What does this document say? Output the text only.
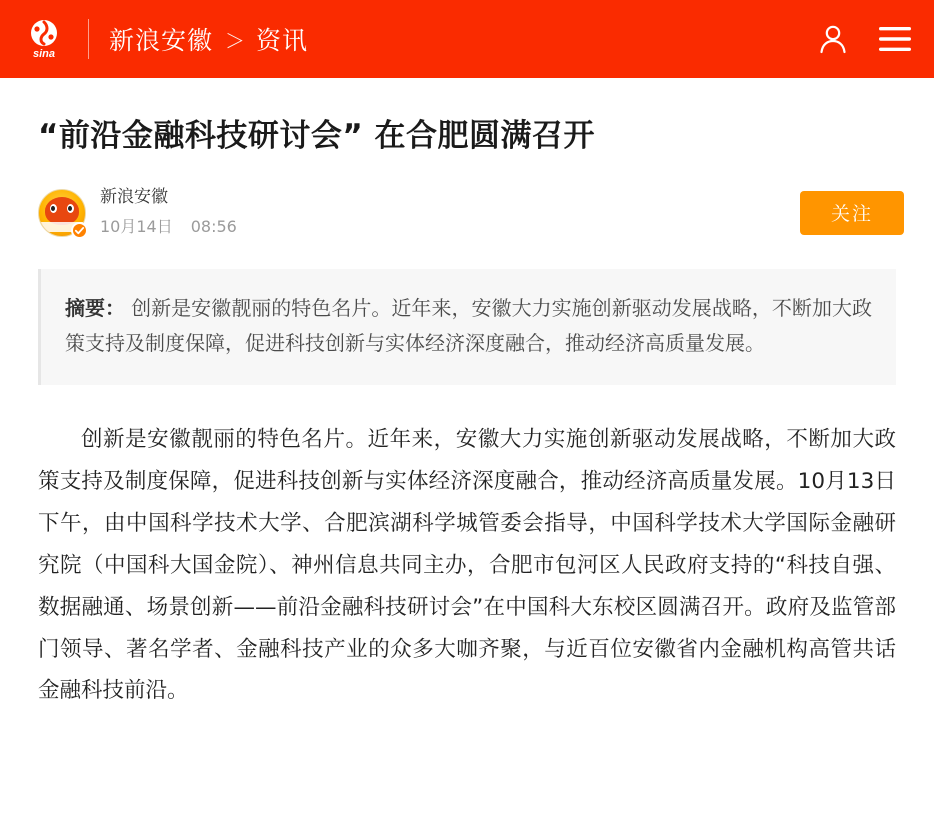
sina 新浪安徽 ＞ 资讯
“前沿金融科技研讨会” 在合肥圆满召开
新浪安徽
10月14日 08:56
关注
摘要： 创新是安徽靓丽的特色名片。近年来，安徽大力实施创新驱动发展战略，不断加大政策支持及制度保障，促进科技创新与实体经济深度融合，推动经济高质量发展。

创新是安徽靓丽的特色名片。近年来，安徽大力实施创新驱动发展战略，不断加大政策支持及制度保障，促进科技创新与实体经济深度融合，推动经济高质量发展。10月13日下午，由中国科学技术大学、合肥滨湖科学城管委会指导，中国科学技术大学国际金融研究院（中国科大国金院）、神州信息共同主办，合肥市包河区人民政府支持的“科技自强、数据融通、场景创新——前沿金融科技研讨会”在中国科大东校区圆满召开。政府及监管部门领导、著名学者、金融科技产业的众多大咖齐聚，与近百位安徽省内金融机构高管共话金融科技前沿。
